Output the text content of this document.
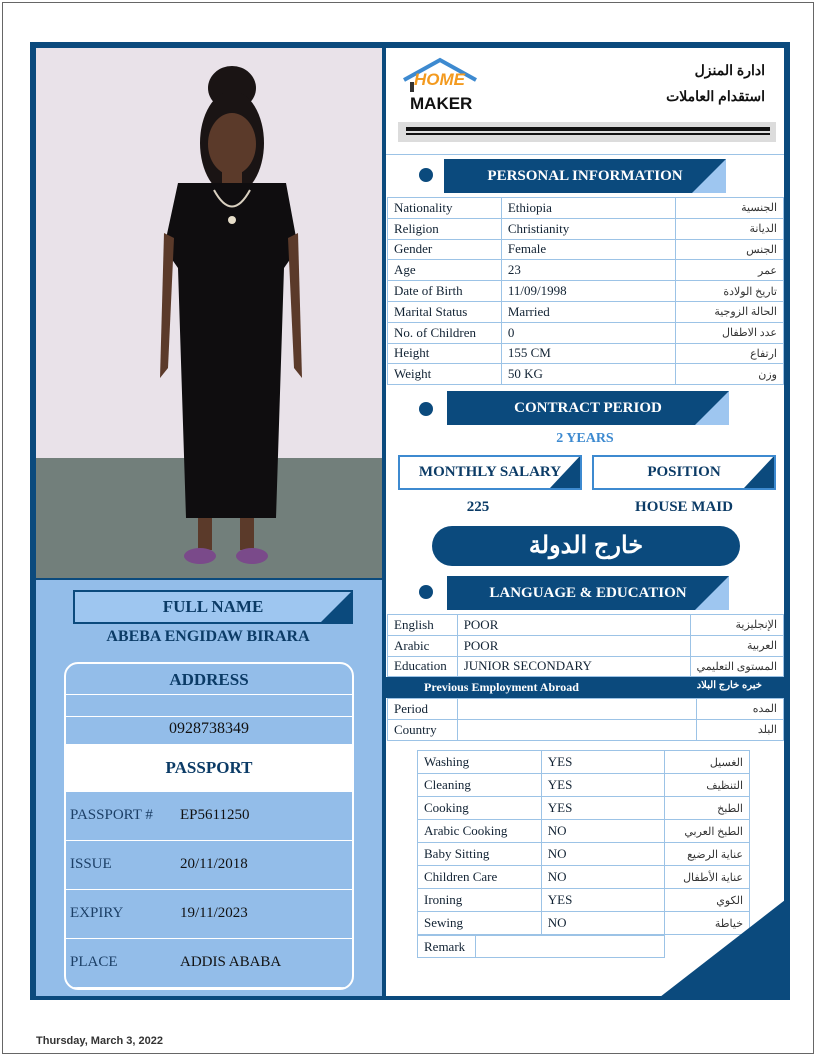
FULL NAME
ABEBA ENGIDAW BIRARA
ADDRESS
0928738349
PASSPORT
PASSPORT # EP5611250
ISSUE	20/11/2018
EXPIRY	19/11/2023
PLACE	ADDIS ABABA
HOME
MAKER
ادارة المنزل
استقدام العاملات
PERSONAL INFORMATION
Nationality	Ethiopia	الجنسية
Religion	Christianity	الديانة
Gender	Female	الجنس
Age	23	عمر
Date of Birth	11/09/1998	تاريخ الولادة
Marital Status	Married	الحالة الزوجية
No. of Children	0	عدد الاطفال
Height	155 CM	ارتفاع
Weight	50 KG	وزن
CONTRACT PERIOD
2 YEARS
MONTHLY SALARY	POSITION
225	HOUSE MAID
خارج الدولة
LANGUAGE & EDUCATION
English	POOR	الإنجليزية
Arabic	POOR	العربية
Education	JUNIOR SECONDARY	المستوى التعليمي
Previous Employment Abroad	خبره خارج البلاد
Period		المده
Country		البلد
Washing	YES	الغسيل
Cleaning	YES	التنظيف
Cooking	YES	الطبخ
Arabic Cooking	NO	الطبخ العربي
Baby Sitting	NO	عناية الرضيع
Children Care	NO	عناية الأطفال
Ironing	YES	الكوي
Sewing	NO	خياطة
Remark
Thursday, March 3, 2022
